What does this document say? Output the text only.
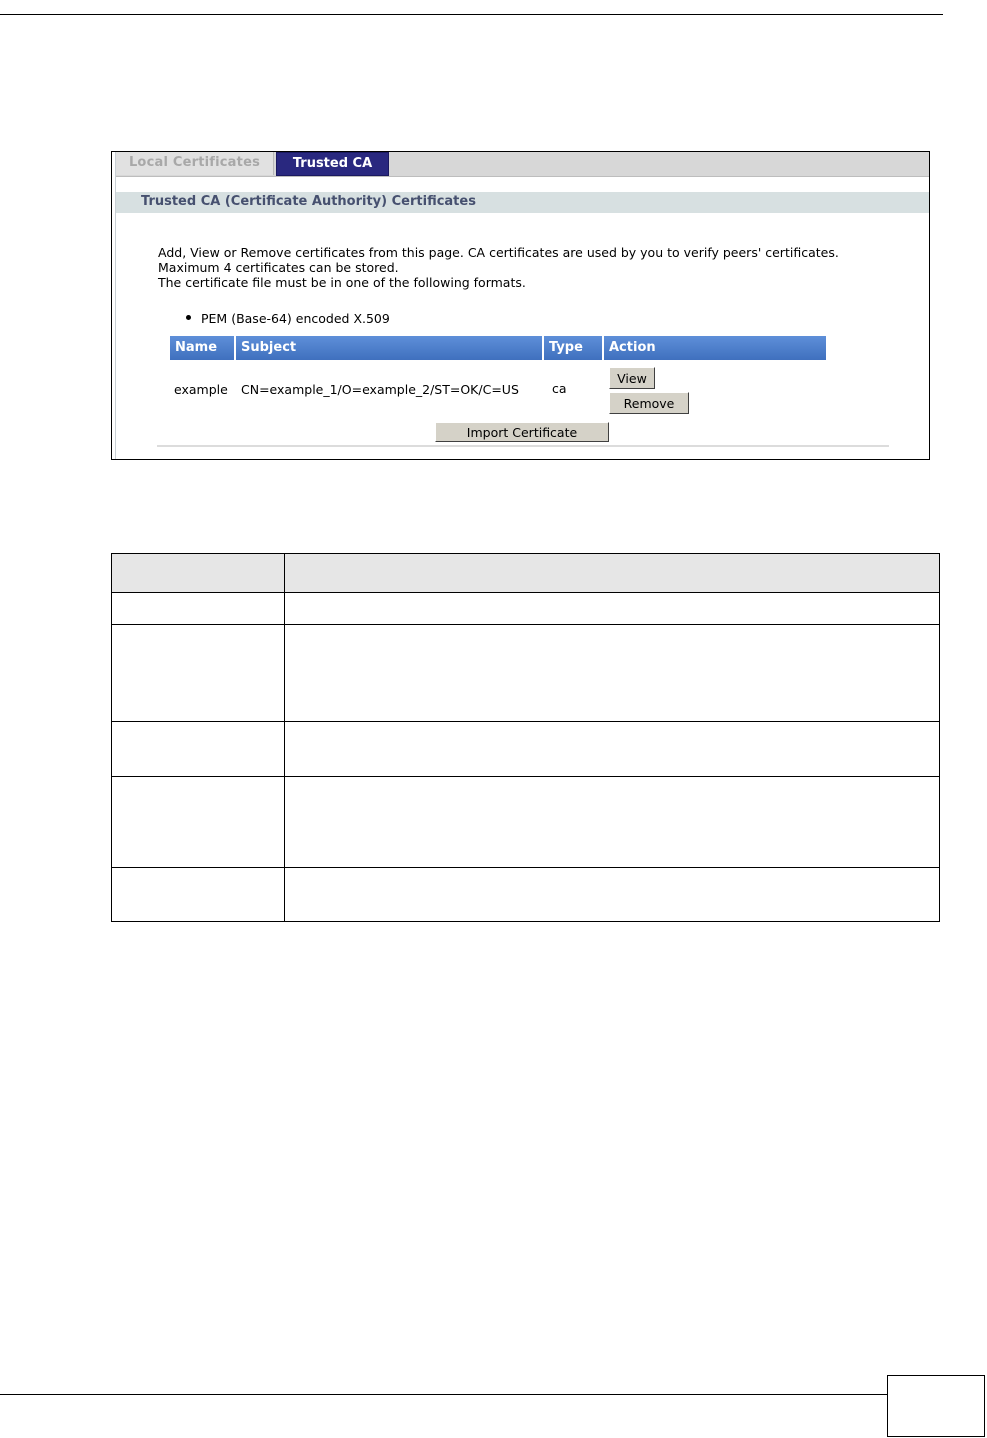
Local Certificates	Trusted CA
Trusted CA (Certificate Authority) Certificates
Add, View or Remove certificates from this page. CA certificates are used by you to verify peers' certificates.
Maximum 4 certificates can be stored.
The certificate file must be in one of the following formats.
PEM (Base-64) encoded X.509
Name	Subject	Type	Action
example CN=example_1/O=example_2/ST=OK/C=US	ca
View
Remove
Import Certificate
